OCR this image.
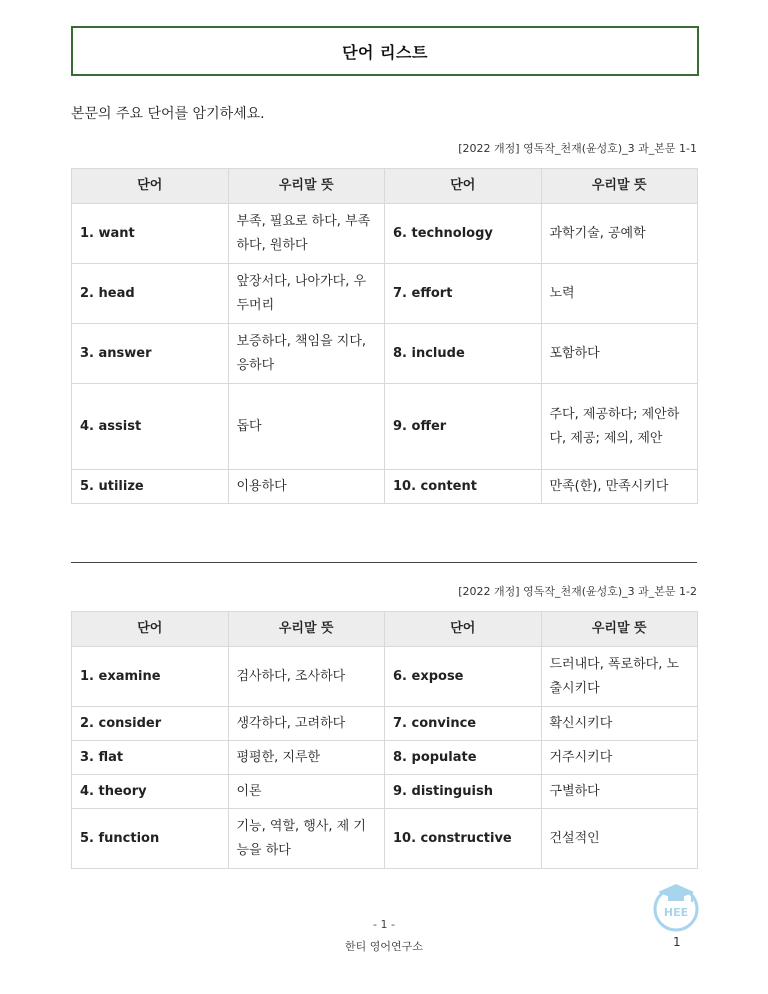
단어 리스트
본문의 주요 단어를 암기하세요.
[2022 개정] 영독작_천재(윤성호)_3 과_본문 1-1
단어	우리말 뜻	단어	우리말 뜻
1. want	부족, 필요로 하다, 부족하다, 원하다	6. technology	과학기술, 공예학
2. head	앞장서다, 나아가다, 우두머리	7. effort	노력
3. answer	보증하다, 책임을 지다, 응하다	8. include	포함하다
4. assist	돕다	9. offer	주다, 제공하다; 제안하다, 제공; 제의, 제안
5. utilize	이용하다	10. content	만족(한), 만족시키다
[2022 개정] 영독작_천재(윤성호)_3 과_본문 1-2
단어	우리말 뜻	단어	우리말 뜻
1. examine	검사하다, 조사하다	6. expose	드러내다, 폭로하다, 노출시키다
2. consider	생각하다, 고려하다	7. convince	확신시키다
3. flat	평평한, 지루한	8. populate	거주시키다
4. theory	이론	9. distinguish	구별하다
5. function	기능, 역할, 행사, 제 기능을 하다	10. constructive	건설적인
- 1 -
한티 영어연구소	1
HEE
